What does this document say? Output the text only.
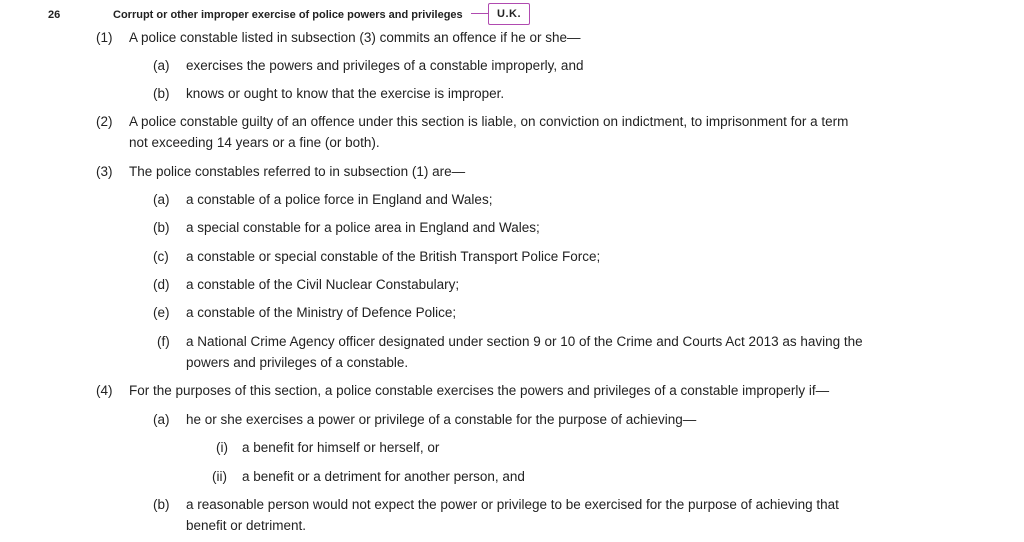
26	Corrupt or other improper exercise of police powers and privileges	U.K.
(1) A police constable listed in subsection (3) commits an offence if he or she—
(a) exercises the powers and privileges of a constable improperly, and
(b) knows or ought to know that the exercise is improper.
(2) A police constable guilty of an offence under this section is liable, on conviction on indictment, to imprisonment for a term not exceeding 14 years or a fine (or both).
(3) The police constables referred to in subsection (1) are—
(a) a constable of a police force in England and Wales;
(b) a special constable for a police area in England and Wales;
(c) a constable or special constable of the British Transport Police Force;
(d) a constable of the Civil Nuclear Constabulary;
(e) a constable of the Ministry of Defence Police;
(f) a National Crime Agency officer designated under section 9 or 10 of the Crime and Courts Act 2013 as having the powers and privileges of a constable.
(4) For the purposes of this section, a police constable exercises the powers and privileges of a constable improperly if—
(a) he or she exercises a power or privilege of a constable for the purpose of achieving—
(i) a benefit for himself or herself, or
(ii) a benefit or a detriment for another person, and
(b) a reasonable person would not expect the power or privilege to be exercised for the purpose of achieving that benefit or detriment.
